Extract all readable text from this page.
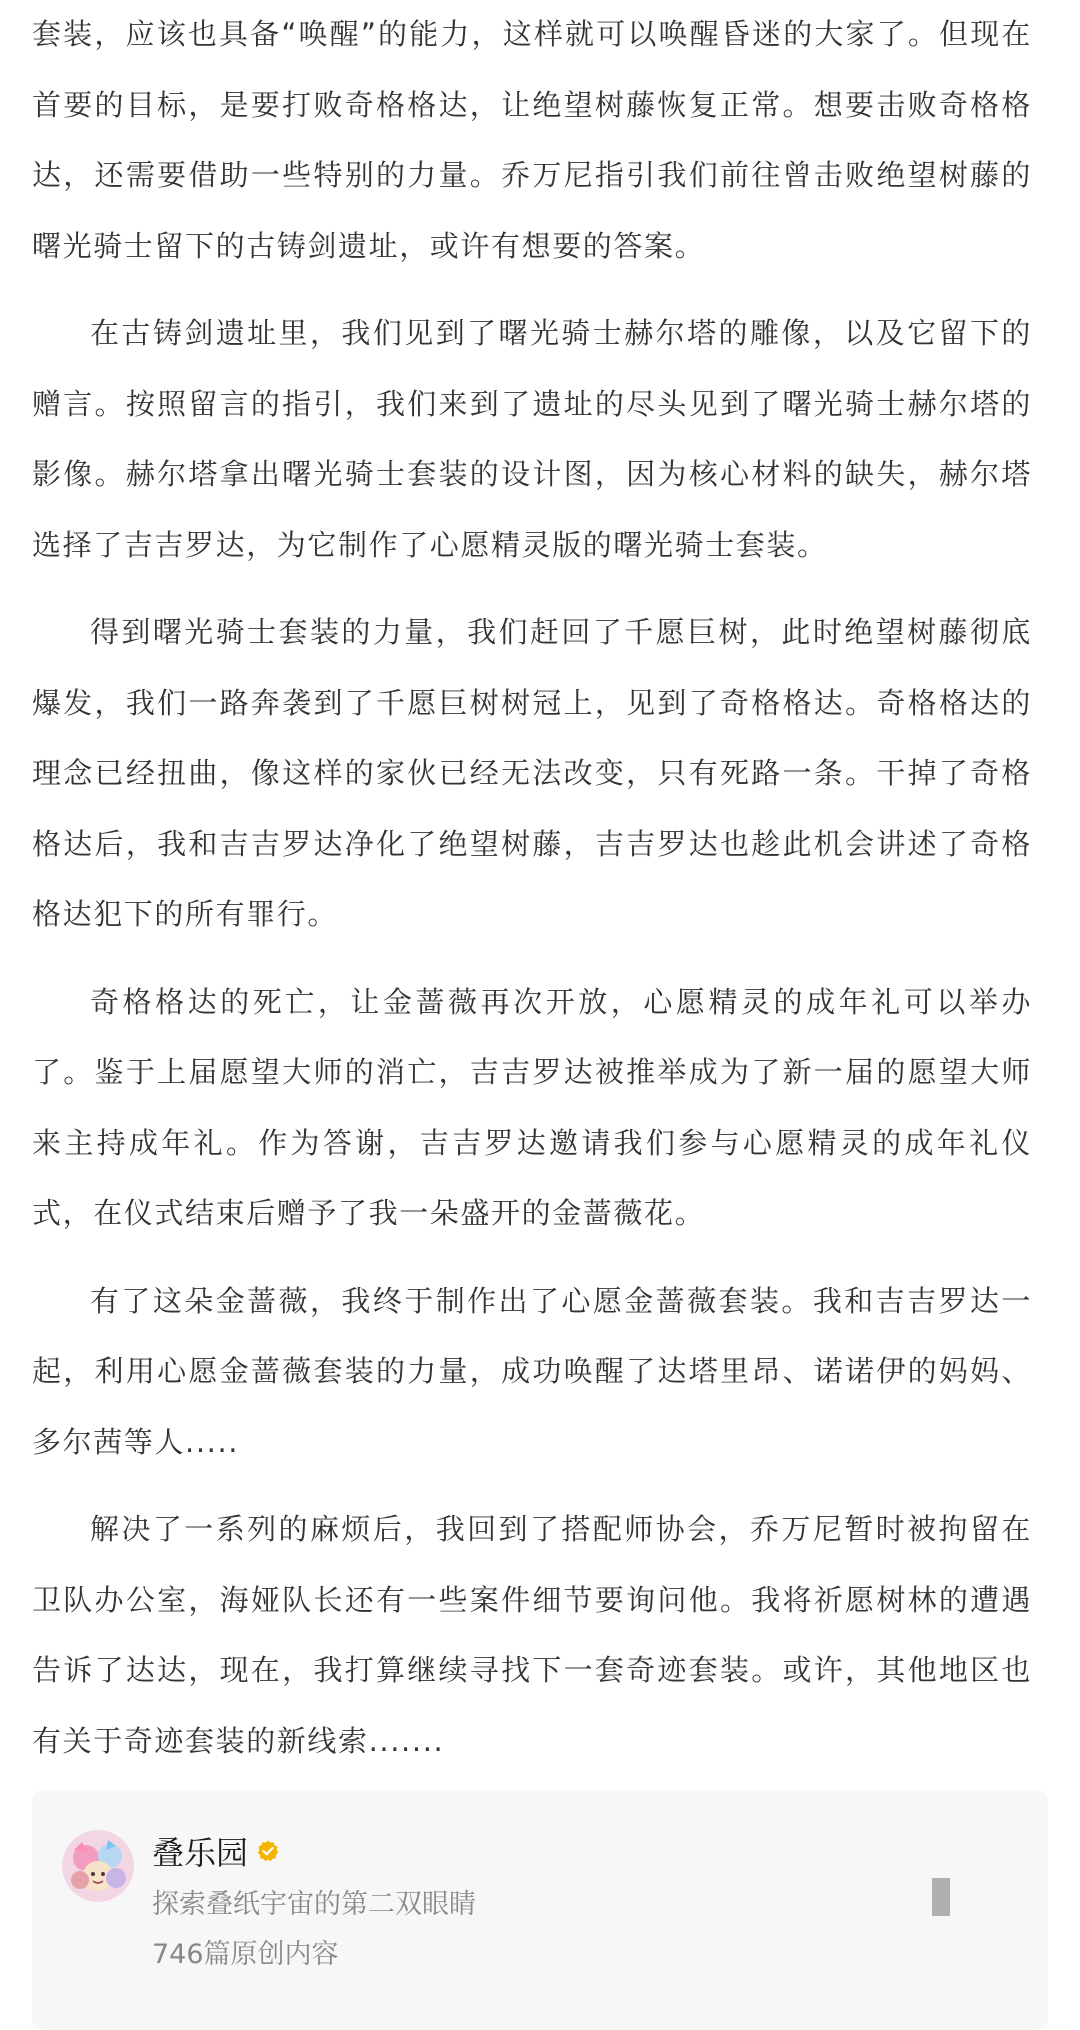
套装，应该也具备“唤醒”的能力，这样就可以唤醒昏迷的大家了。但现在首要的目标，是要打败奇格格达，让绝望树藤恢复正常。想要击败奇格格达，还需要借助一些特别的力量。乔万尼指引我们前往曾击败绝望树藤的曙光骑士留下的古铸剑遗址，或许有想要的答案。

在古铸剑遗址里，我们见到了曙光骑士赫尔塔的雕像，以及它留下的赠言。按照留言的指引，我们来到了遗址的尽头见到了曙光骑士赫尔塔的影像。赫尔塔拿出曙光骑士套装的设计图，因为核心材料的缺失，赫尔塔选择了吉吉罗达，为它制作了心愿精灵版的曙光骑士套装。

得到曙光骑士套装的力量，我们赶回了千愿巨树，此时绝望树藤彻底爆发，我们一路奔袭到了千愿巨树树冠上，见到了奇格格达。奇格格达的理念已经扭曲，像这样的家伙已经无法改变，只有死路一条。干掉了奇格格达后，我和吉吉罗达净化了绝望树藤，吉吉罗达也趁此机会讲述了奇格格达犯下的所有罪行。

奇格格达的死亡，让金蔷薇再次开放，心愿精灵的成年礼可以举办了。鉴于上届愿望大师的消亡，吉吉罗达被推举成为了新一届的愿望大师来主持成年礼。作为答谢，吉吉罗达邀请我们参与心愿精灵的成年礼仪式，在仪式结束后赠予了我一朵盛开的金蔷薇花。

有了这朵金蔷薇，我终于制作出了心愿金蔷薇套装。我和吉吉罗达一起，利用心愿金蔷薇套装的力量，成功唤醒了达塔里昂、诺诺伊的妈妈、多尔茜等人.....

解决了一系列的麻烦后，我回到了搭配师协会，乔万尼暂时被拘留在卫队办公室，海娅队长还有一些案件细节要询问他。我将祈愿树林的遭遇告诉了达达，现在，我打算继续寻找下一套奇迹套装。或许，其他地区也有关于奇迹套装的新线索.......

叠乐园
探索叠纸宇宙的第二双眼睛
746篇原创内容
